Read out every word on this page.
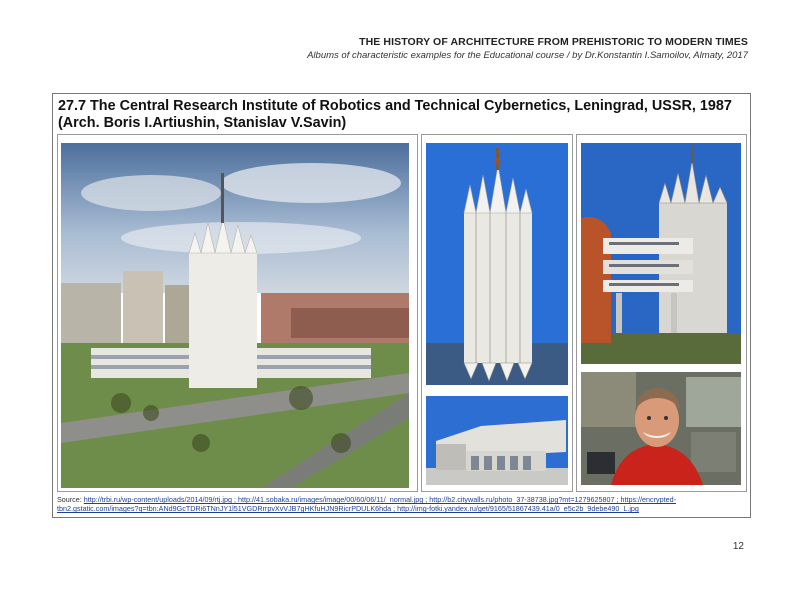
THE HISTORY OF ARCHITECTURE FROM PREHISTORIC TO MODERN TIMES
Albums of characteristic examples for the Educational course / by Dr.Konstantin I.Samoilov, Almaty, 2017
27.7 The Central Research Institute of Robotics and Technical Cybernetics, Leningrad, USSR, 1987 (Arch. Boris I.Artiushin, Stanislav V.Savin)
Source: http://trbi.ru/wp-content/uploads/2014/09/rtj.jpg ; http://41.sobaka.ru/images/image/00/60/06/11/_normal.jpg ; http://b2.citywalls.ru/photo_37-38738.jpg?mt=1279625807 ; https://encrypted-tbn2.gstatic.com/images?q=tbn:ANd9GcTDRi6TNnJY1l51VGDRrrpvXvVJB7gHKfuHJN9RicrPDULK6hda ; http://img-fotki.yandex.ru/get/9165/51867439.41a/0_e5c2b_9debe490_L.jpg
12
